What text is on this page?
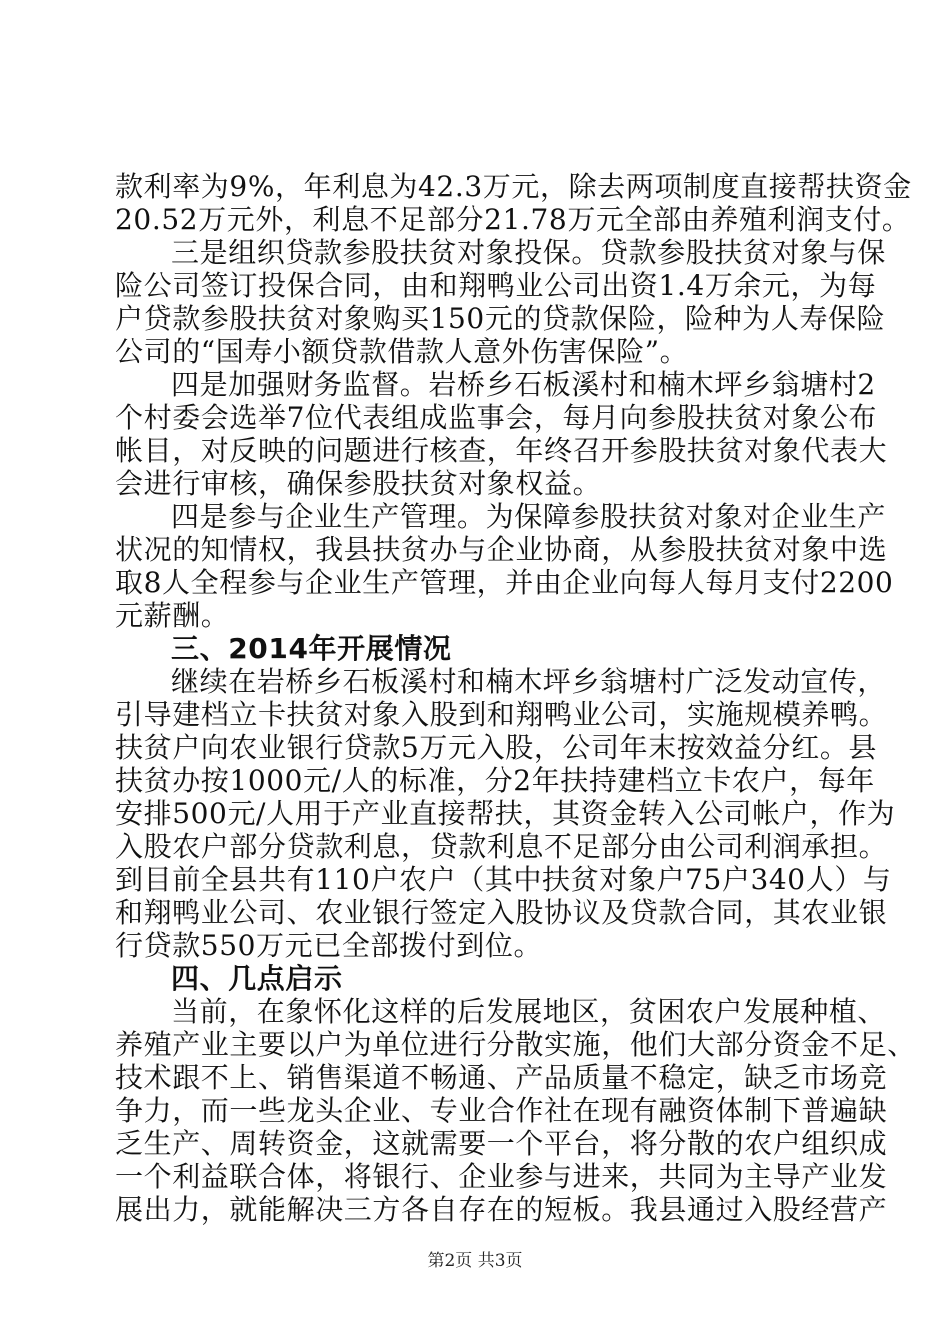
款利率为9%，年利息为42.3万元，除去两项制度直接帮扶资金
20.52万元外，利息不足部分21.78万元全部由养殖利润支付。
三是组织贷款参股扶贫对象投保。贷款参股扶贫对象与保
险公司签订投保合同，由和翔鸭业公司出资1.4万余元，为每
户贷款参股扶贫对象购买150元的贷款保险，险种为人寿保险
公司的“国寿小额贷款借款人意外伤害保险”。
四是加强财务监督。岩桥乡石板溪村和楠木坪乡翁塘村2
个村委会选举7位代表组成监事会，每月向参股扶贫对象公布
帐目，对反映的问题进行核查，年终召开参股扶贫对象代表大
会进行审核，确保参股扶贫对象权益。
四是参与企业生产管理。为保障参股扶贫对象对企业生产
状况的知情权，我县扶贫办与企业协商，从参股扶贫对象中选
取8人全程参与企业生产管理，并由企业向每人每月支付2200
元薪酬。
三、2014年开展情况
继续在岩桥乡石板溪村和楠木坪乡翁塘村广泛发动宣传，
引导建档立卡扶贫对象入股到和翔鸭业公司，实施规模养鸭。
扶贫户向农业银行贷款5万元入股，公司年末按效益分红。县
扶贫办按1000元/人的标准，分2年扶持建档立卡农户，每年
安排500元/人用于产业直接帮扶，其资金转入公司帐户，作为
入股农户部分贷款利息，贷款利息不足部分由公司利润承担。
到目前全县共有110户农户（其中扶贫对象户75户340人）与
和翔鸭业公司、农业银行签定入股协议及贷款合同，其农业银
行贷款550万元已全部拨付到位。
四、几点启示
当前，在象怀化这样的后发展地区，贫困农户发展种植、
养殖产业主要以户为单位进行分散实施，他们大部分资金不足、
技术跟不上、销售渠道不畅通、产品质量不稳定，缺乏市场竞
争力，而一些龙头企业、专业合作社在现有融资体制下普遍缺
乏生产、周转资金，这就需要一个平台，将分散的农户组织成
一个利益联合体，将银行、企业参与进来，共同为主导产业发
展出力，就能解决三方各自存在的短板。我县通过入股经营产
第2页 共3页
